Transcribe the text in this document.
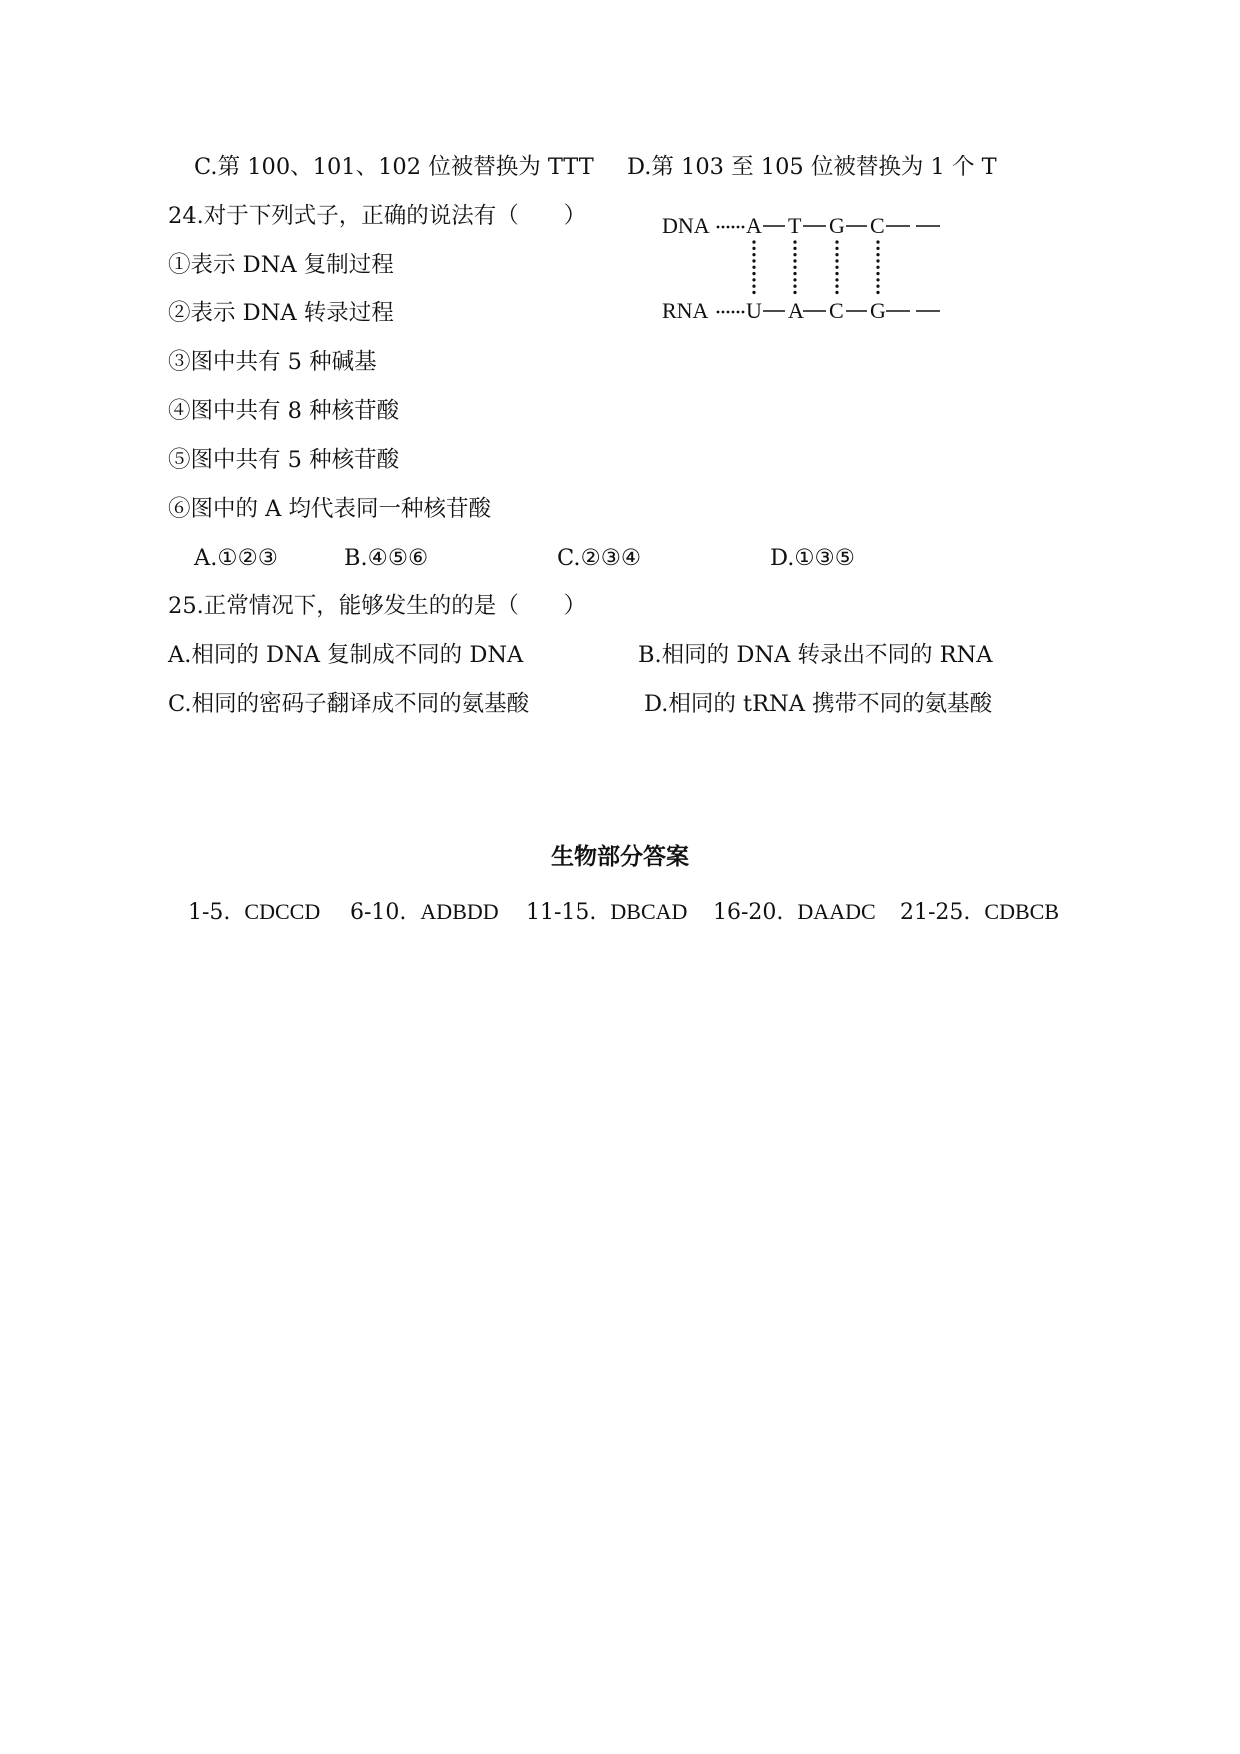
C.第 100、101、102 位被替换为 TTT D.第 103 至 105 位被替换为 1 个 T
24.对于下列式子，正确的说法有（　　）
①表示 DNA 复制过程
②表示 DNA 转录过程
③图中共有 5 种碱基
④图中共有 8 种核苷酸
⑤图中共有 5 种核苷酸
⑥图中的 A 均代表同一种核苷酸
A.①②③	B.④⑤⑥	C.②③④	D.①③⑤
DNA
RNA
A T G C
U A C G
25.正常情况下，能够发生的的是（　　）
A.相同的 DNA 复制成不同的 DNA	B.相同的 DNA 转录出不同的 RNA
C.相同的密码子翻译成不同的氨基酸	D.相同的 tRNA 携带不同的氨基酸
生物部分答案
1-5. CDCCD 6-10. ADBDD 11-15. DBCAD 16-20. DAADC 21-25. CDBCB
